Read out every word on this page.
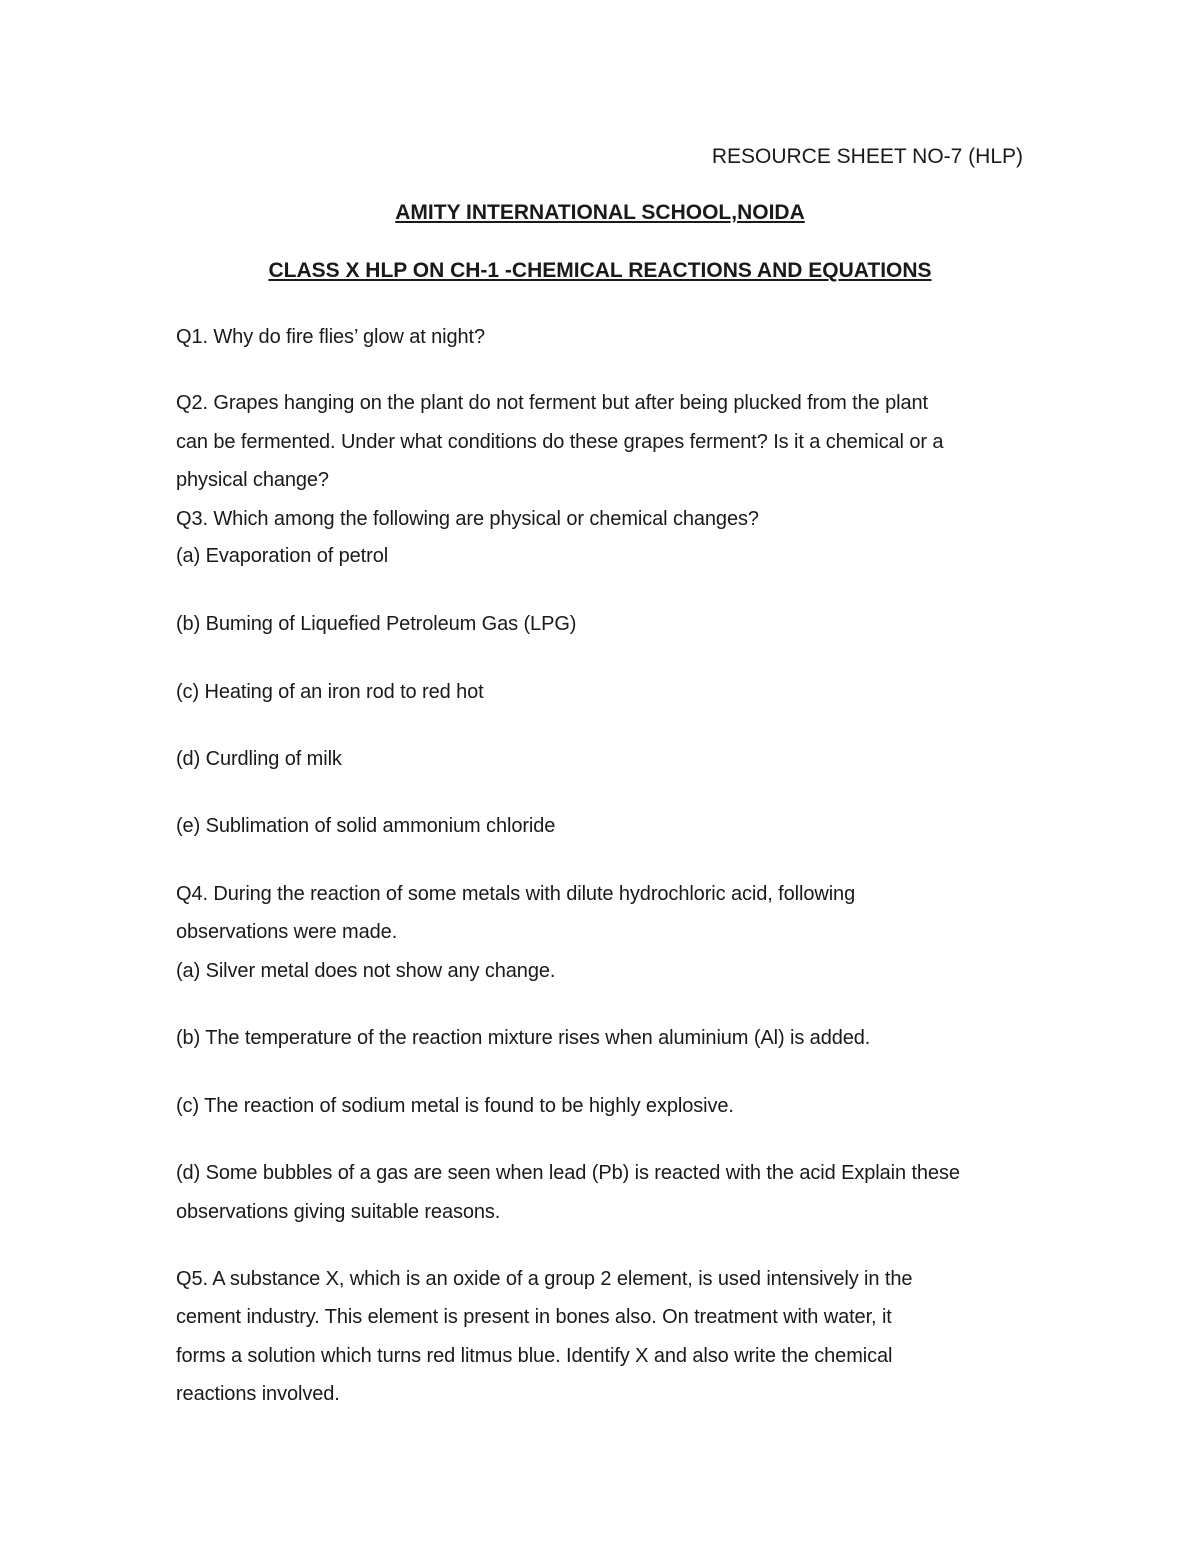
RESOURCE SHEET NO-7 (HLP)
AMITY INTERNATIONAL SCHOOL,NOIDA
CLASS X HLP ON CH-1 -CHEMICAL REACTIONS AND EQUATIONS
Q1. Why do fire flies’ glow at night?
Q2. Grapes hanging on the plant do not ferment but after being plucked from the plant
can be fermented. Under what conditions do these grapes ferment? Is it a chemical or a
physical change?
Q3. Which among the following are physical or chemical changes?
(a) Evaporation of petrol
(b) Buming of Liquefied Petroleum Gas (LPG)
(c) Heating of an iron rod to red hot
(d) Curdling of milk
(e) Sublimation of solid ammonium chloride
Q4. During the reaction of some metals with dilute hydrochloric acid, following
observations were made.
(a) Silver metal does not show any change.
(b) The temperature of the reaction mixture rises when aluminium (Al) is added.
(c) The reaction of sodium metal is found to be highly explosive.
(d) Some bubbles of a gas are seen when lead (Pb) is reacted with the acid Explain these
observations giving suitable reasons.
Q5. A substance X, which is an oxide of a group 2 element, is used intensively in the
cement industry. This element is present in bones also. On treatment with water, it
forms a solution which turns red litmus blue. Identify X and also write the chemical
reactions involved.
